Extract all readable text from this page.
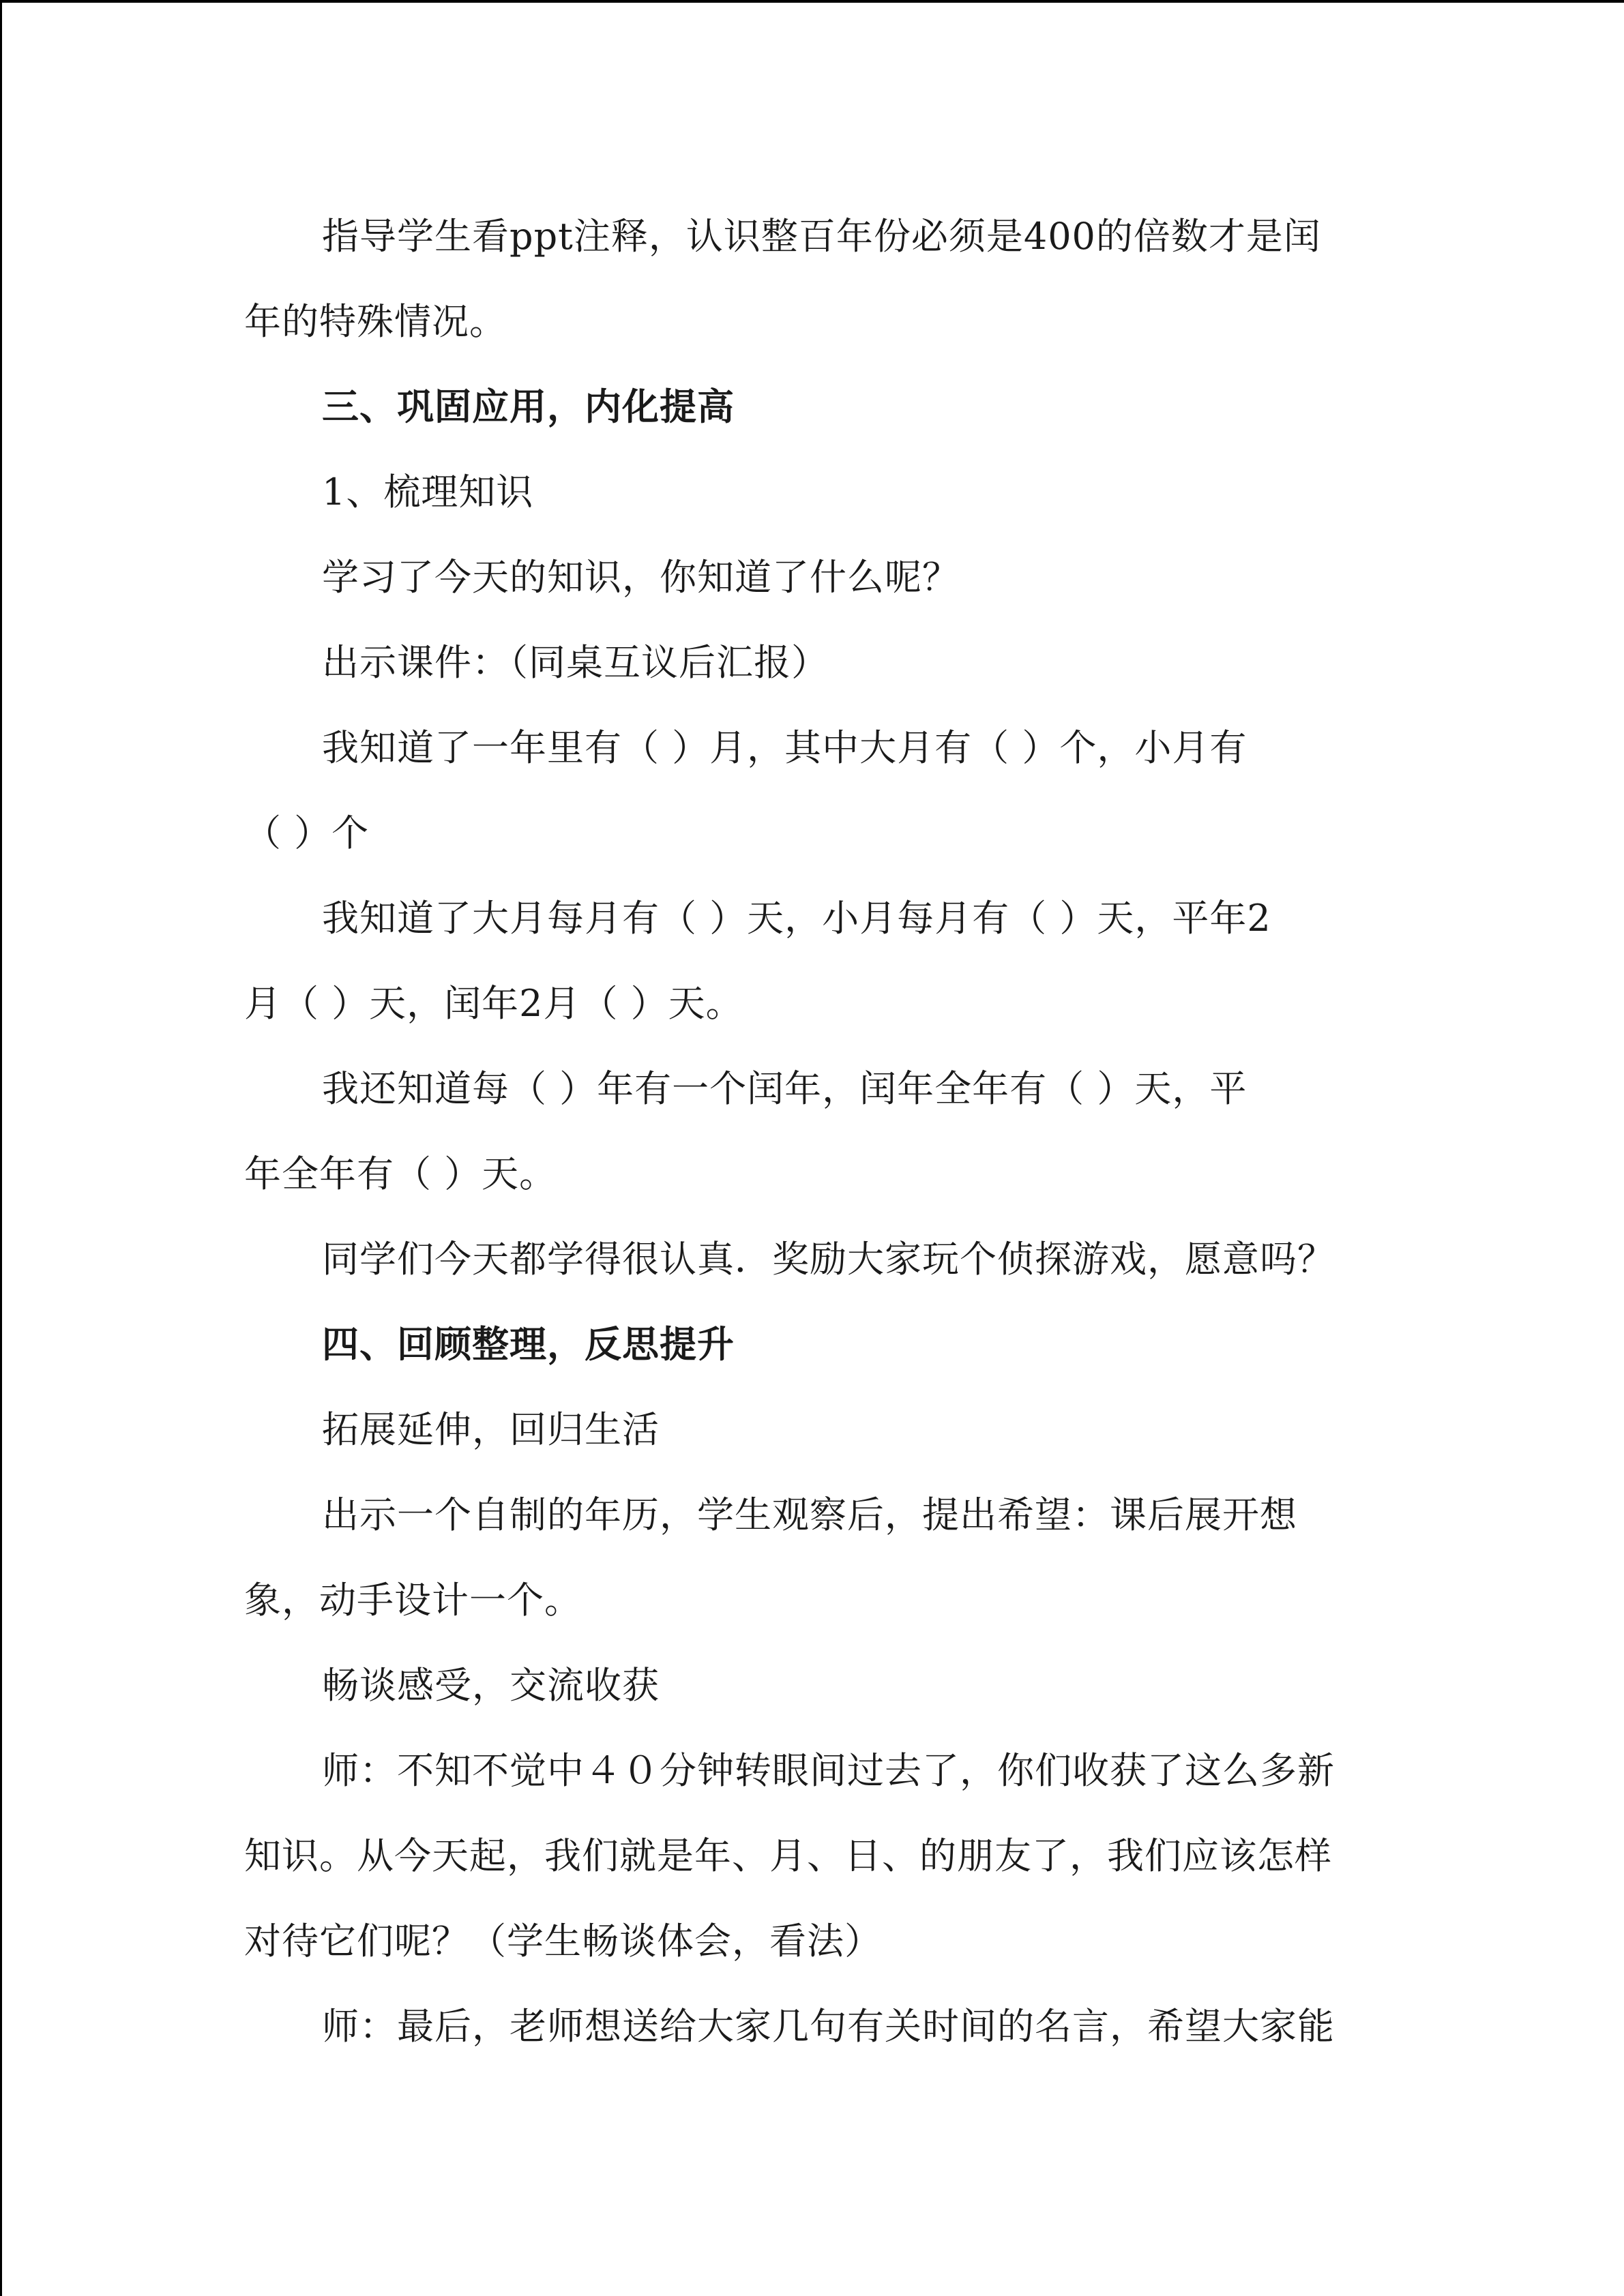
指导学生看ppt注释，认识整百年份必须是400的倍数才是闰
年的特殊情况。
三、巩固应用，内化提高
1、梳理知识
学习了今天的知识，你知道了什么呢？
出示课件：（同桌互议后汇报）
我知道了一年里有（ ）月，其中大月有（ ）个，小月有
（ ）个
我知道了大月每月有（ ）天，小月每月有（ ）天，平年2
月（ ）天，闰年2月（ ）天。
我还知道每（ ）年有一个闰年，闰年全年有（ ）天，平
年全年有（ ）天。
同学们今天都学得很认真．奖励大家玩个侦探游戏，愿意吗？
四、回顾整理，反思提升
拓展延伸，回归生活
出示一个自制的年历，学生观察后，提出希望：课后展开想
象，动手设计一个。
畅谈感受，交流收获
师：不知不觉中４０分钟转眼间过去了，你们收获了这么多新
知识。从今天起，我们就是年、月、日、的朋友了，我们应该怎样
对待它们呢？（学生畅谈体会，看法）
师：最后，老师想送给大家几句有关时间的名言，希望大家能
